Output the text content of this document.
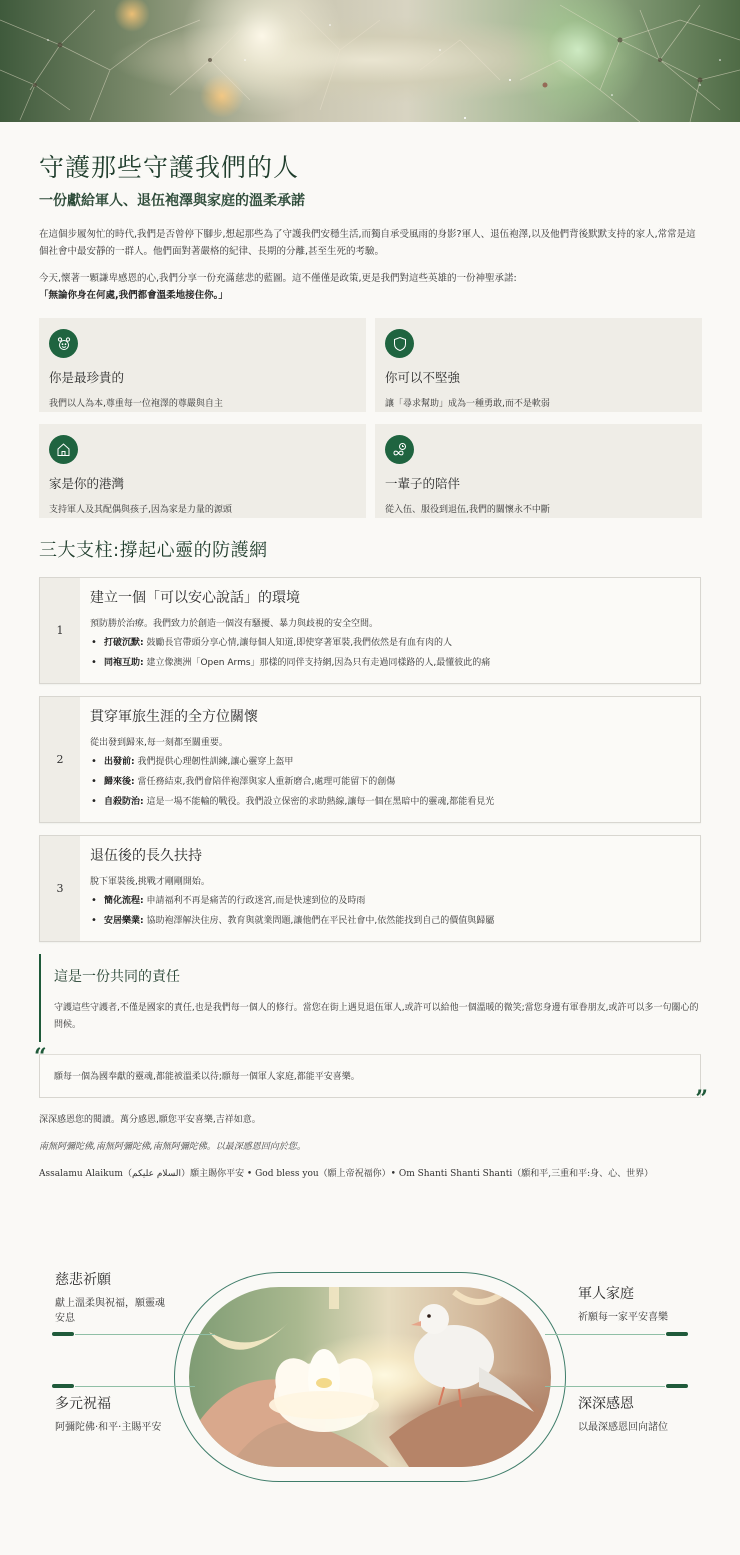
守護那些守護我們的人
一份獻給軍人、退伍袍澤與家庭的溫柔承諾

在這個步履匆忙的時代,我們是否曾停下腳步,想起那些為了守護我們安穩生活,而獨自承受風雨的身影?軍人、退伍袍澤,以及他們背後默默支持的家人,常常是這個社會中最安靜的一群人。他們面對著嚴格的紀律、長期的分離,甚至生死的考驗。

今天,懷著一顆謙卑感恩的心,我們分享一份充滿慈悲的藍圖。這不僅僅是政策,更是我們對這些英雄的一份神聖承諾:「無論你身在何處,我們都會溫柔地接住你。」

你是最珍貴的
我們以人為本,尊重每一位袍澤的尊嚴與自主
你可以不堅強
讓「尋求幫助」成為一種勇敢,而不是軟弱
家是你的港灣
支持軍人及其配偶與孩子,因為家是力量的源頭
一輩子的陪伴
從入伍、服役到退伍,我們的關懷永不中斷
三大支柱:撐起心靈的防護網
1
建立一個「可以安心說話」的環境

預防勝於治療。我們致力於創造一個沒有騷擾、暴力與歧視的安全空間。

• 打破沉默: 鼓勵長官帶頭分享心情,讓每個人知道,即使穿著軍裝,我們依然是有血有肉的人
• 同袍互助: 建立像澳洲「Open Arms」那樣的同伴支持網,因為只有走過同樣路的人,最懂彼此的痛
2
貫穿軍旅生涯的全方位關懷

從出發到歸來,每一刻都至關重要。

• 出發前: 我們提供心理韌性訓練,讓心靈穿上盔甲
• 歸來後: 當任務結束,我們會陪伴袍澤與家人重新磨合,處理可能留下的創傷
• 自殺防治: 這是一場不能輸的戰役。我們設立保密的求助熱線,讓每一個在黑暗中的靈魂,都能看見光
3
退伍後的長久扶持

脫下軍裝後,挑戰才剛剛開始。

• 簡化流程: 申請福利不再是痛苦的行政迷宮,而是快速到位的及時雨
• 安居樂業: 協助袍澤解決住房、教育與就業問題,讓他們在平民社會中,依然能找到自己的價值與歸屬
這是一份共同的責任

守護這些守護者,不僅是國家的責任,也是我們每一個人的修行。當您在街上遇見退伍軍人,或許可以給他一個溫暖的微笑;當您身邊有軍眷朋友,或許可以多一句關心的問候。

“

願每一個為國奉獻的靈魂,都能被溫柔以待;願每一個軍人家庭,都能平安喜樂。

”

深深感恩您的閱讀。萬分感恩,願您平安喜樂,吉祥如意。

南無阿彌陀佛,南無阿彌陀佛,南無阿彌陀佛。以最深感恩回向於您。

Assalamu Alaikum（السلام عليكم）願主賜你平安 • God bless you（願上帝祝福你）• Om Shanti Shanti Shanti（願和平,三重和平:身、心、世界）

慈悲祈願
獻上溫柔與祝福，願靈魂安息
軍人家庭
祈願每一家平安喜樂
多元祝福
阿彌陀佛·和平·主賜平安
深深感恩
以最深感恩回向諸位
